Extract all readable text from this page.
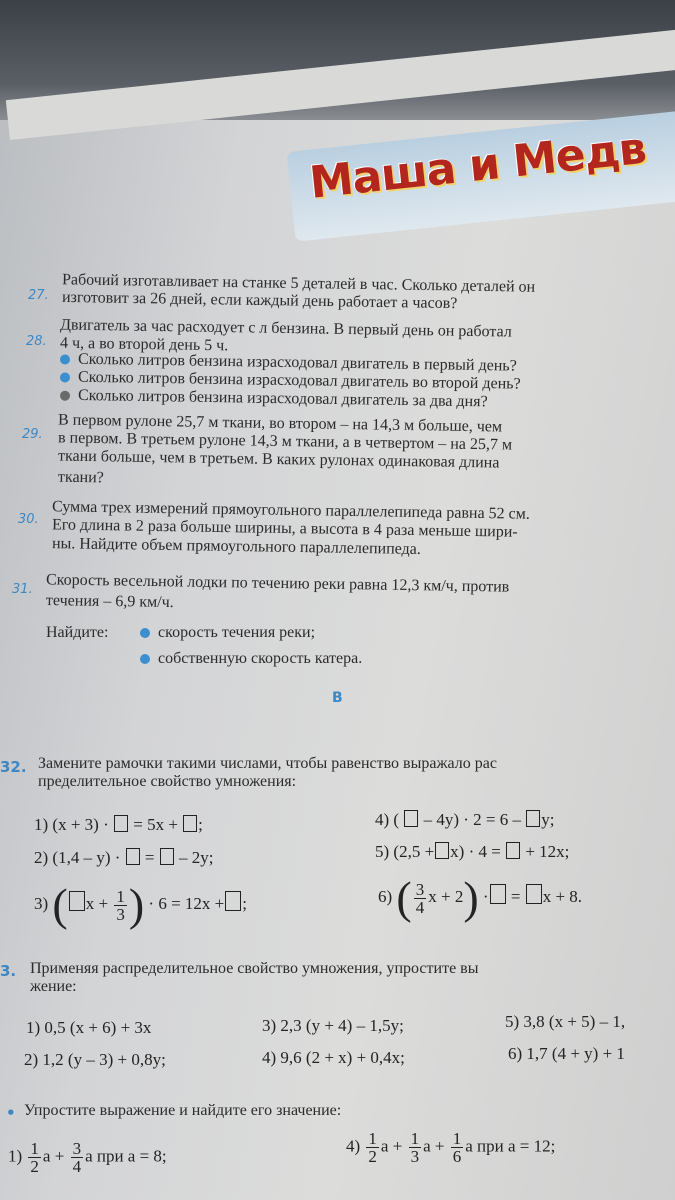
Маша и Медв
27. Рабочий изготавливает на станке 5 деталей в час. Сколько деталей он
изготовит за 26 дней, если каждый день работает a часов?
28.
Двигатель за час расходует c л бензина. В первый день он работал
4 ч, а во второй день 5 ч.
Сколько литров бензина израсходовал двигатель в первый день?
Сколько литров бензина израсходовал двигатель во второй день?
Сколько литров бензина израсходовал двигатель за два дня?
29. В первом рулоне 25,7 м ткани, во втором – на 14,3 м больше, чем
в первом. В третьем рулоне 14,3 м ткани, а в четвертом – на 25,7 м
ткани больше, чем в третьем. В каких рулонах одинаковая длина
ткани?
30. Сумма трех измерений прямоугольного параллелепипеда равна 52 см.
Его длина в 2 раза больше ширины, а высота в 4 раза меньше шири-
ны. Найдите объем прямоугольного параллелепипеда.
31. Скорость весельной лодки по течению реки равна 12,3 км/ч, против
течения – 6,9 км/ч.
Найдите:	скорость течения реки;
собственную скорость катера.
B
32. Замените рамочки такими числами, чтобы равенство выражало рас
пределительное свойство умножения:
1) (x + 3) · = 5x + ;	4) ( – 4y) · 2 = 6 – y;
2) (1,4 – y) · = – 2y;	5) (2,5 + x) · 4 = + 12x;
3) ( $x + \frac{1}{3}$ ) · 6 = 12x + ;	6) ( $\frac{3}{4}$ x + 2) · = x + 8.
3. Применяя распределительное свойство умножения, упростите вы
жение:
1) 0,5 (x + 6) + 3x	3) 2,3 (y + 4) – 1,5y;	5) 3,8 (x + 5) – 1,
2) 1,2 (y – 3) + 0,8y;	4) 9,6 (2 + x) + 0,4x;	6) 1,7 (4 + y) + 1
• Упростите выражение и найдите его значение:
$1) \frac{1}{2}$ $a + \frac{3}{4}$ a при a = 8;
$4) \frac{1}{2}$ $a + \frac{1}{3}$ $a + \frac{1}{6}$ a при a = 12;
